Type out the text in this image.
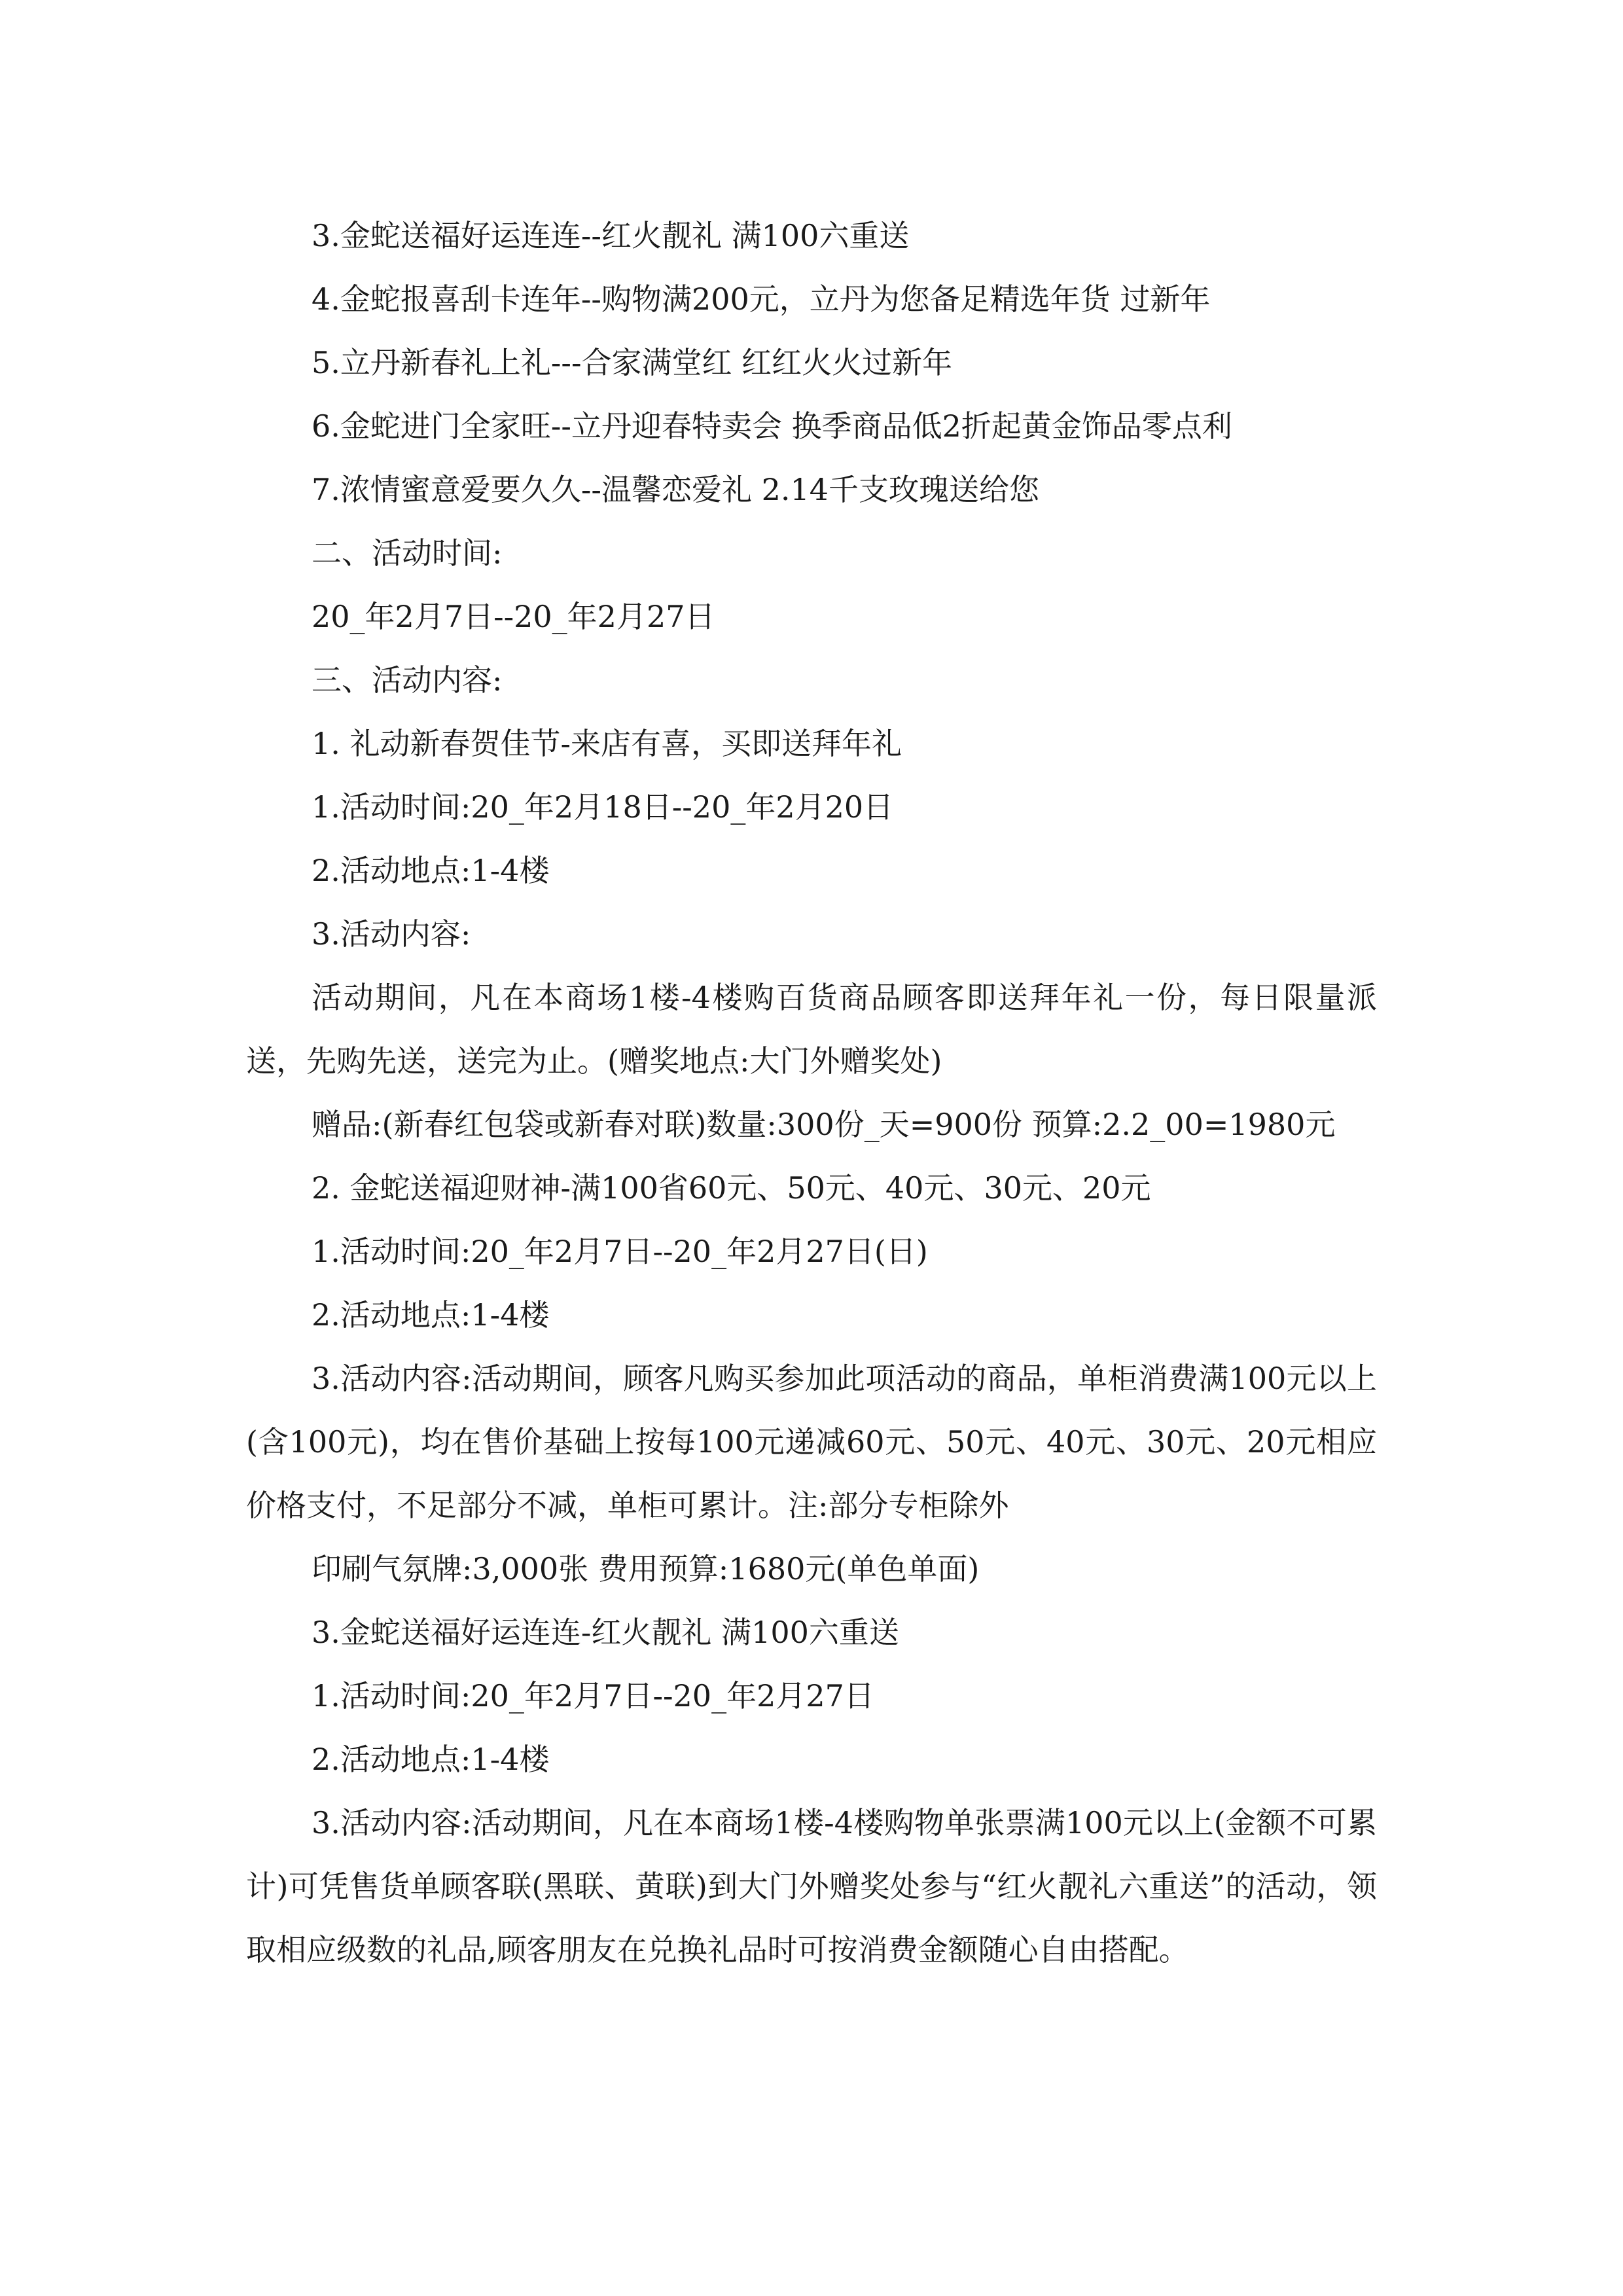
3.金蛇送福好运连连--红火靓礼 满100六重送

4.金蛇报喜刮卡连年--购物满200元，立丹为您备足精选年货 过新年

5.立丹新春礼上礼---合家满堂红 红红火火过新年

6.金蛇进门全家旺--立丹迎春特卖会 换季商品低2折起黄金饰品零点利

7.浓情蜜意爱要久久--温馨恋爱礼 2.14千支玫瑰送给您

二、活动时间:

20_年2月7日--20_年2月27日

三、活动内容:

1. 礼动新春贺佳节-来店有喜，买即送拜年礼

1.活动时间:20_年2月18日--20_年2月20日

2.活动地点:1-4楼

3.活动内容:

活动期间，凡在本商场1楼-4楼购百货商品顾客即送拜年礼一份，每日限量派送，先购先送，送完为止。(赠奖地点:大门外赠奖处)

赠品:(新春红包袋或新春对联)数量:300份_天=900份 预算:2.2_00=1980元

2. 金蛇送福迎财神-满100省60元、50元、40元、30元、20元

1.活动时间:20_年2月7日--20_年2月27日(日)

2.活动地点:1-4楼

3.活动内容:活动期间，顾客凡购买参加此项活动的商品，单柜消费满100元以上(含100元)，均在售价基础上按每100元递减60元、50元、40元、30元、20元相应价格支付，不足部分不减，单柜可累计。注:部分专柜除外

印刷气氛牌:3,000张 费用预算:1680元(单色单面)

3.金蛇送福好运连连-红火靓礼 满100六重送

1.活动时间:20_年2月7日--20_年2月27日

2.活动地点:1-4楼

3.活动内容:活动期间，凡在本商场1楼-4楼购物单张票满100元以上(金额不可累计)可凭售货单顾客联(黑联、黄联)到大门外赠奖处参与“红火靓礼六重送”的活动，领取相应级数的礼品,顾客朋友在兑换礼品时可按消费金额随心自由搭配。
